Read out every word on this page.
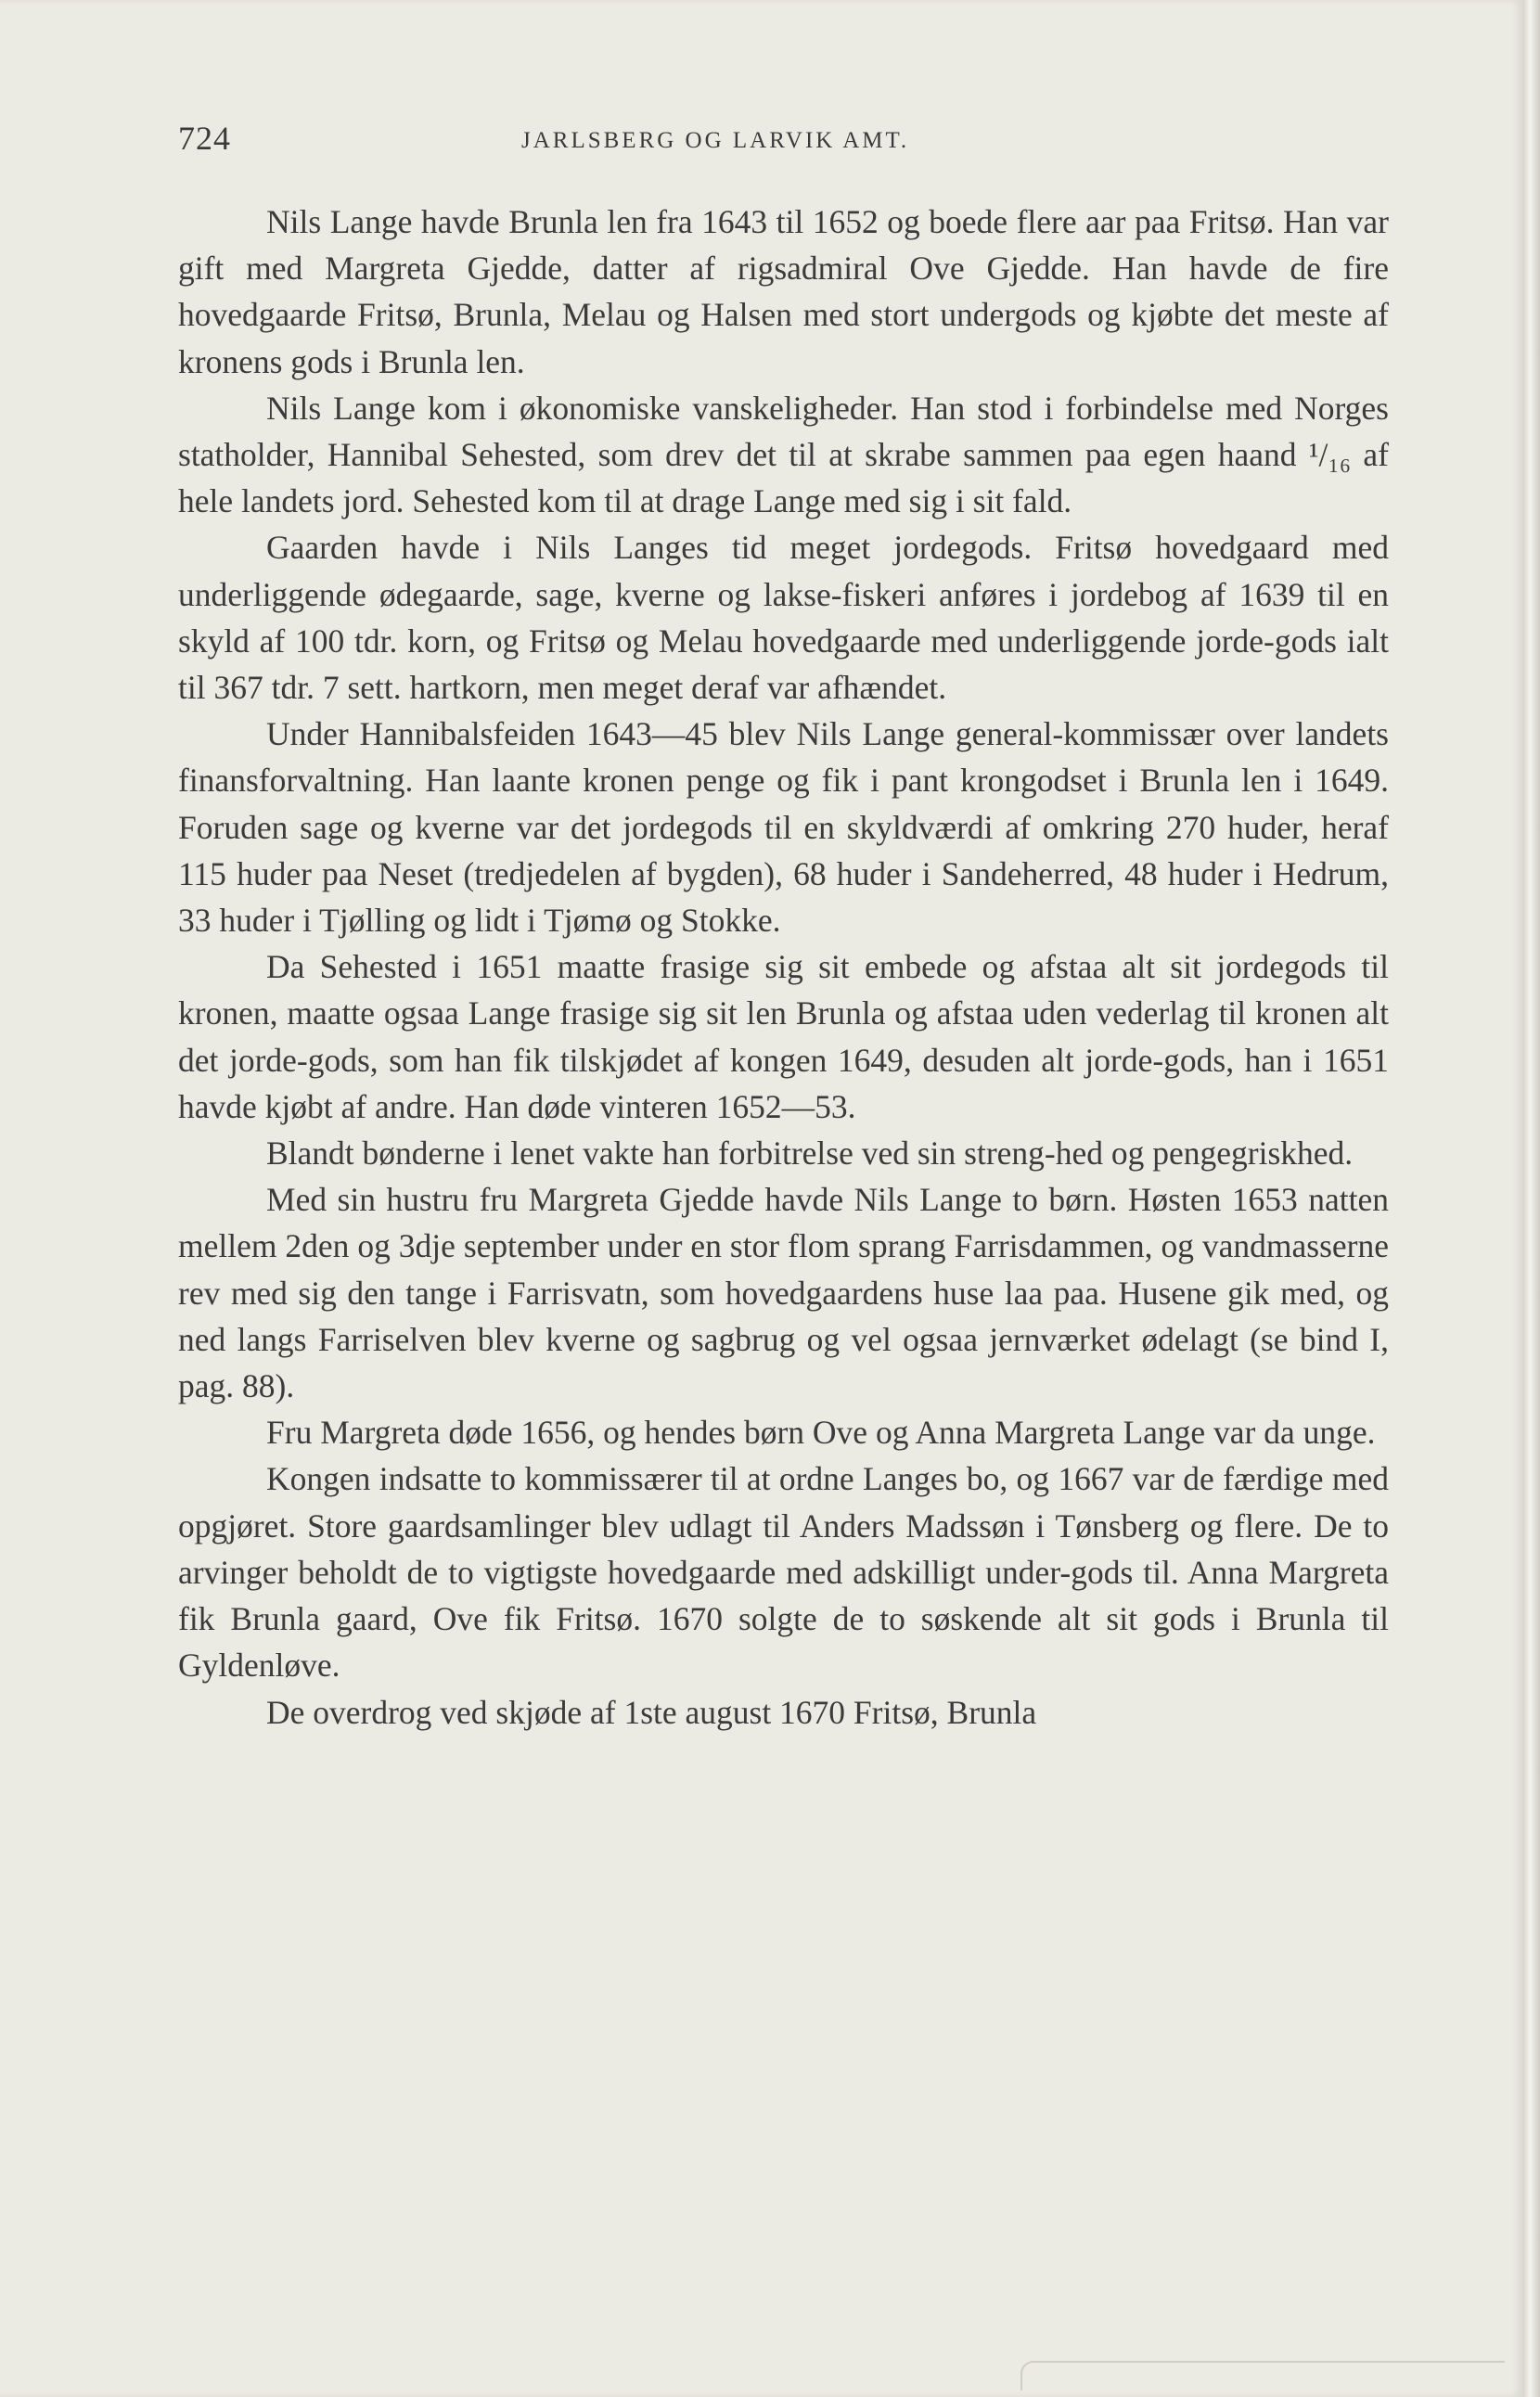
724	JARLSBERG OG LARVIK AMT.

Nils Lange havde Brunla len fra 1643 til 1652 og boede flere aar paa Fritsø. Han var gift med Margreta Gjedde, datter af rigsadmiral Ove Gjedde. Han havde de fire hovedgaarde Fritsø, Brunla, Melau og Halsen med stort undergods og kjøbte det meste af kronens gods i Brunla len.

Nils Lange kom i økonomiske vanskeligheder. Han stod i forbindelse med Norges statholder, Hannibal Sehested, som drev det til at skrabe sammen paa egen haand ¹/₁₆ af hele landets jord. Sehested kom til at drage Lange med sig i sit fald.

Gaarden havde i Nils Langes tid meget jordegods. Fritsø hovedgaard med underliggende ødegaarde, sage, kverne og lakse-fiskeri anføres i jordebog af 1639 til en skyld af 100 tdr. korn, og Fritsø og Melau hovedgaarde med underliggende jorde-gods ialt til 367 tdr. 7 sett. hartkorn, men meget deraf var afhændet.

Under Hannibalsfeiden 1643—45 blev Nils Lange general-kommissær over landets finansforvaltning. Han laante kronen penge og fik i pant krongodset i Brunla len i 1649. Foruden sage og kverne var det jordegods til en skyldværdi af omkring 270 huder, heraf 115 huder paa Neset (tredjedelen af bygden), 68 huder i Sandeherred, 48 huder i Hedrum, 33 huder i Tjølling og lidt i Tjømø og Stokke.

Da Sehested i 1651 maatte frasige sig sit embede og afstaa alt sit jordegods til kronen, maatte ogsaa Lange frasige sig sit len Brunla og afstaa uden vederlag til kronen alt det jorde-gods, som han fik tilskjødet af kongen 1649, desuden alt jorde-gods, han i 1651 havde kjøbt af andre. Han døde vinteren 1652—53.

Blandt bønderne i lenet vakte han forbitrelse ved sin streng-hed og pengegriskhed.

Med sin hustru fru Margreta Gjedde havde Nils Lange to børn. Høsten 1653 natten mellem 2den og 3dje september under en stor flom sprang Farrisdammen, og vandmasserne rev med sig den tange i Farrisvatn, som hovedgaardens huse laa paa. Husene gik med, og ned langs Farriselven blev kverne og sagbrug og vel ogsaa jernværket ødelagt (se bind I, pag. 88).

Fru Margreta døde 1656, og hendes børn Ove og Anna Margreta Lange var da unge.

Kongen indsatte to kommissærer til at ordne Langes bo, og 1667 var de færdige med opgjøret. Store gaardsamlinger blev udlagt til Anders Madssøn i Tønsberg og flere. De to arvinger beholdt de to vigtigste hovedgaarde med adskilligt under-gods til. Anna Margreta fik Brunla gaard, Ove fik Fritsø. 1670 solgte de to søskende alt sit gods i Brunla til Gyldenløve.

De overdrog ved skjøde af 1ste august 1670 Fritsø, Brunla
